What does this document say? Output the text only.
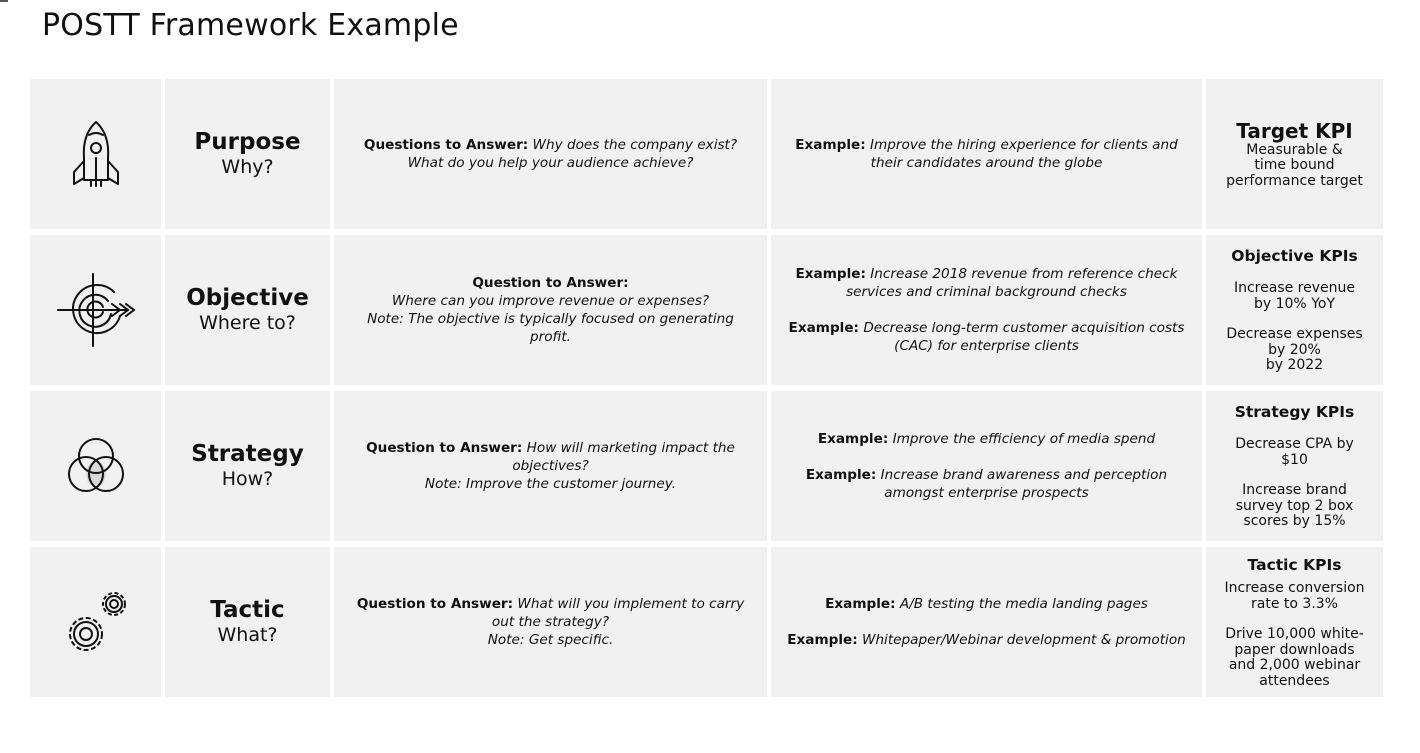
POSTT Framework Example
Purpose
Why?
Questions to Answer: Why does the company exist?
What do you help your audience achieve?
Example: Improve the hiring experience for clients and their candidates around the globe
Target KPI
Measurable &
time bound
performance target
Objective
Where to?
Question to Answer:
Where can you improve revenue or expenses?
Note: The objective is typically focused on generating profit.
Example: Increase 2018 revenue from reference check services and criminal background checks
Example: Decrease long-term customer acquisition costs (CAC) for enterprise clients
Objective KPIs
Increase revenue
by 10% YoY
Decrease expenses
by 20%
by 2022
Strategy
How?
Question to Answer: How will marketing impact the objectives?
Note: Improve the customer journey.
Example: Improve the efficiency of media spend
Example: Increase brand awareness and perception amongst enterprise prospects
Strategy KPIs
Decrease CPA by
$10
Increase brand
survey top 2 box
scores by 15%
Tactic
What?
Question to Answer: What will you implement to carry out the strategy?
Note: Get specific.
Example: A/B testing the media landing pages
Example: Whitepaper/Webinar development & promotion
Tactic KPIs
Increase conversion
rate to 3.3%
Drive 10,000 white-
paper downloads
and 2,000 webinar
attendees
